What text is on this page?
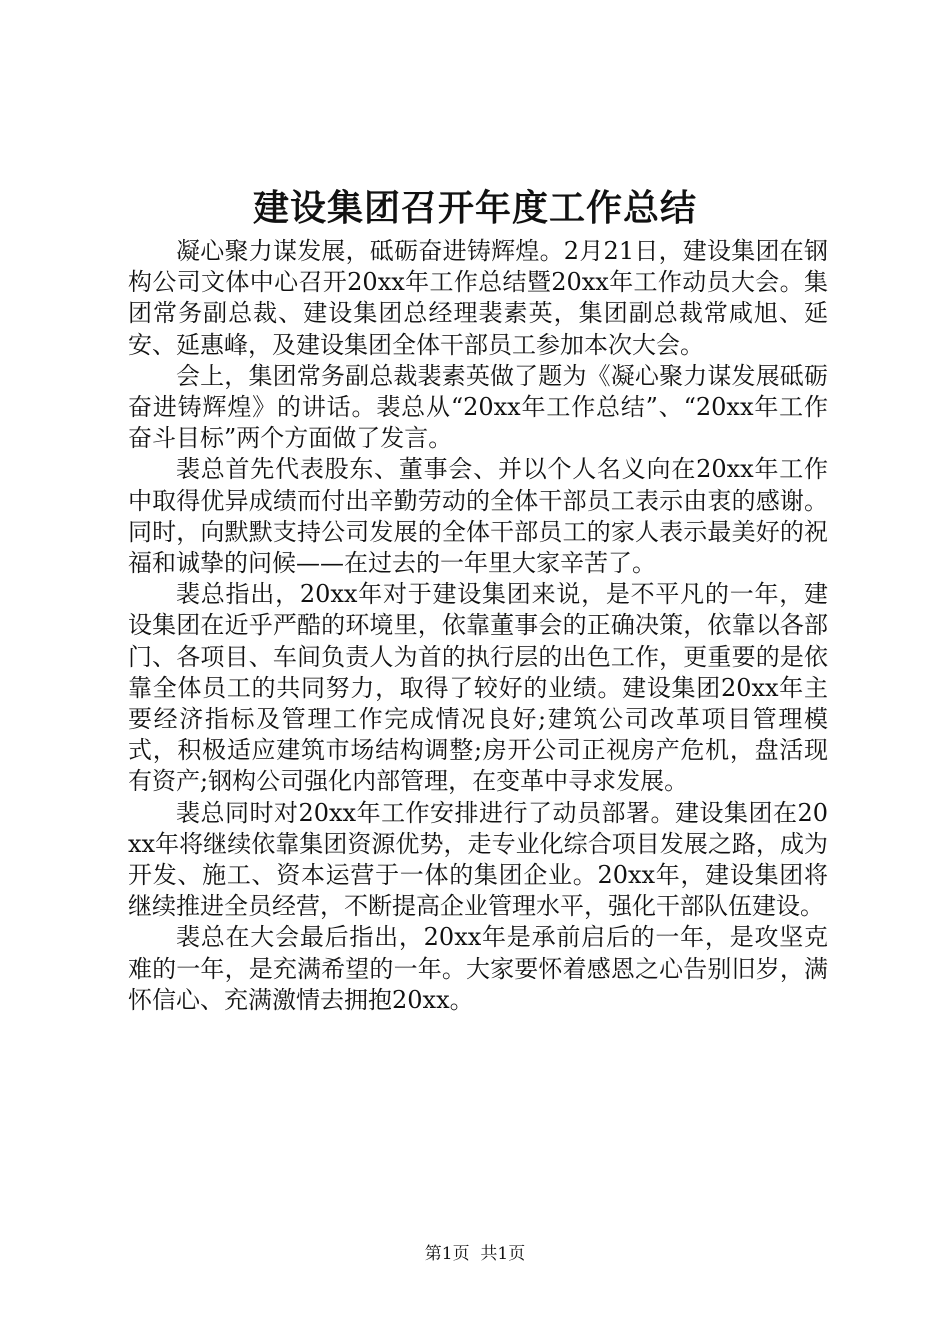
建设集团召开年度工作总结

凝心聚力谋发展，砥砺奋进铸辉煌。2月21日，建设集团在钢构公司文体中心召开20xx年工作总结暨20xx年工作动员大会。集团常务副总裁、建设集团总经理裴素英，集团副总裁常咸旭、延安、延惠峰，及建设集团全体干部员工参加本次大会。

会上，集团常务副总裁裴素英做了题为《凝心聚力谋发展砥砺奋进铸辉煌》的讲话。裴总从“20xx年工作总结”、“20xx年工作奋斗目标”两个方面做了发言。

裴总首先代表股东、董事会、并以个人名义向在20xx年工作中取得优异成绩而付出辛勤劳动的全体干部员工表示由衷的感谢。同时，向默默支持公司发展的全体干部员工的家人表示最美好的祝福和诚挚的问候——在过去的一年里大家辛苦了。

裴总指出，20xx年对于建设集团来说，是不平凡的一年，建设集团在近乎严酷的环境里，依靠董事会的正确决策，依靠以各部门、各项目、车间负责人为首的执行层的出色工作，更重要的是依靠全体员工的共同努力，取得了较好的业绩。建设集团20xx年主要经济指标及管理工作完成情况良好;建筑公司改革项目管理模式，积极适应建筑市场结构调整;房开公司正视房产危机，盘活现有资产;钢构公司强化内部管理，在变革中寻求发展。

裴总同时对20xx年工作安排进行了动员部署。建设集团在20xx年将继续依靠集团资源优势，走专业化综合项目发展之路，成为开发、施工、资本运营于一体的集团企业。20xx年，建设集团将继续推进全员经营，不断提高企业管理水平，强化干部队伍建设。

裴总在大会最后指出，20xx年是承前启后的一年，是攻坚克难的一年，是充满希望的一年。大家要怀着感恩之心告别旧岁，满怀信心、充满激情去拥抱20xx。

第1页  共1页
